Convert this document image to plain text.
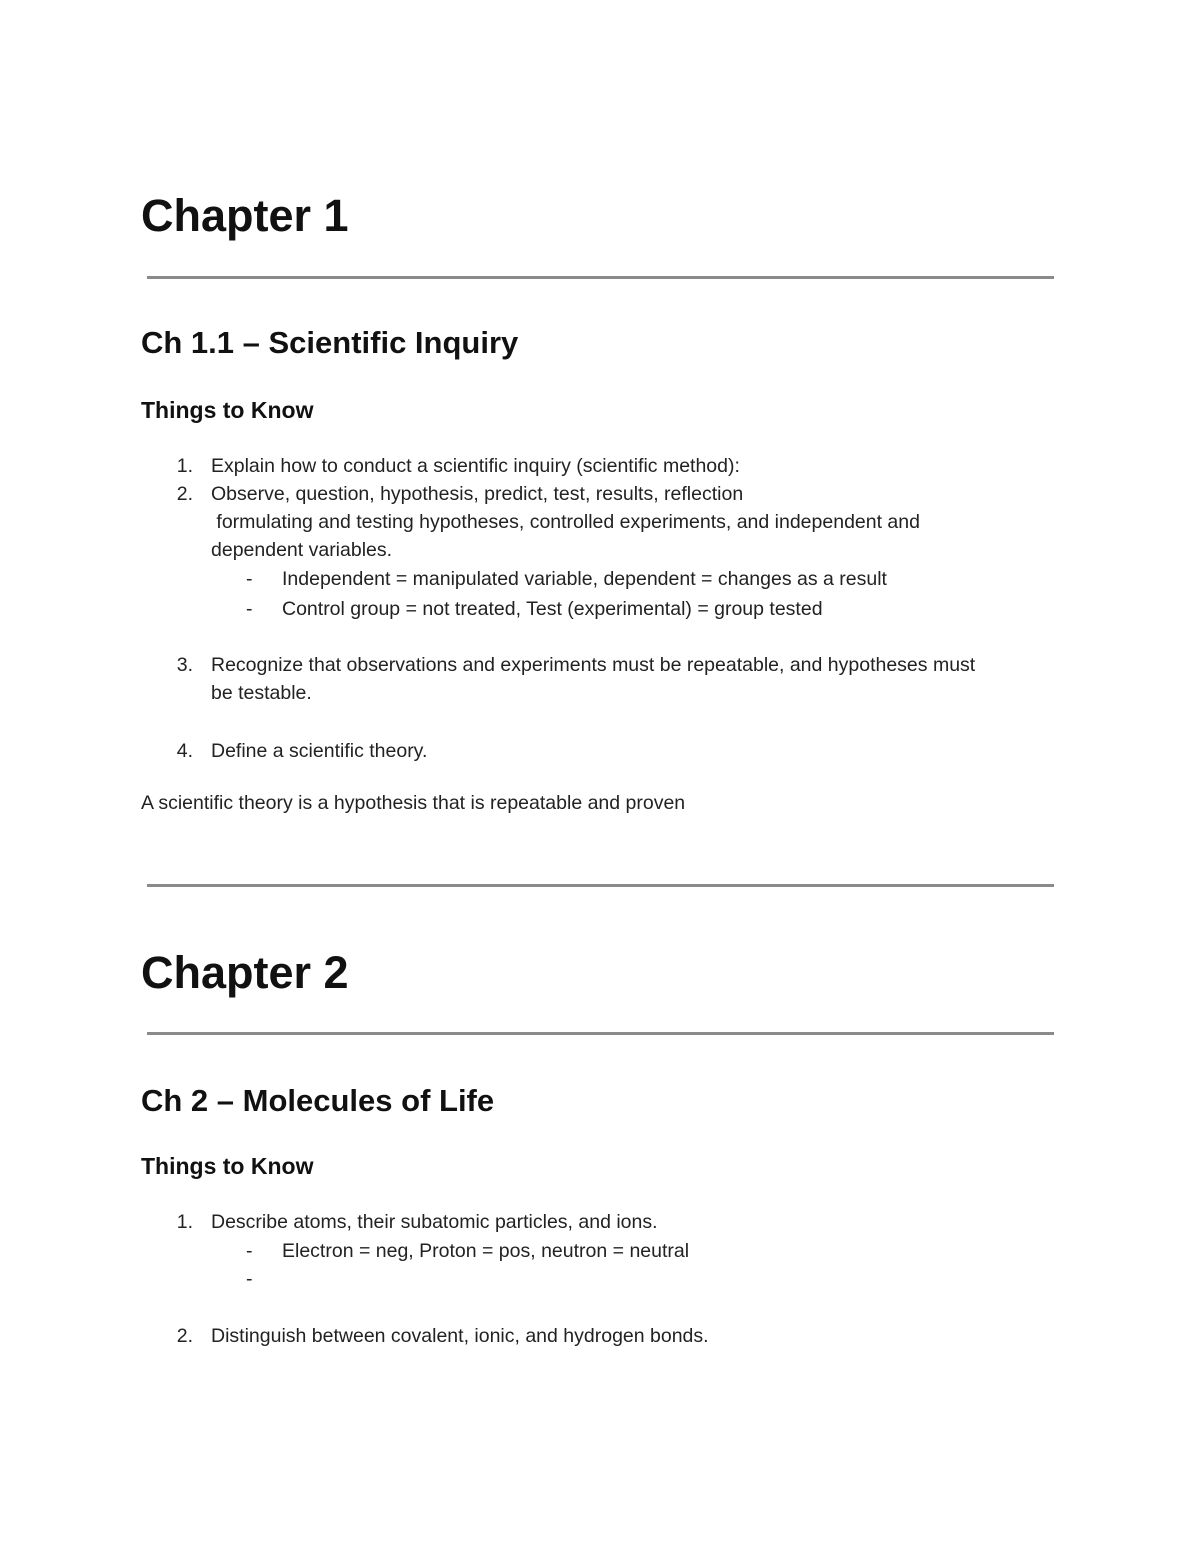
Chapter 1
Ch 1.1 – Scientific Inquiry
Things to Know
1. Explain how to conduct a scientific inquiry (scientific method):
2. Observe, question, hypothesis, predict, test, results, reflection
formulating and testing hypotheses, controlled experiments, and independent and
dependent variables.
- Independent = manipulated variable, dependent = changes as a result
- Control group = not treated, Test (experimental) = group tested
3. Recognize that observations and experiments must be repeatable, and hypotheses must
be testable.
4. Define a scientific theory.
A scientific theory is a hypothesis that is repeatable and proven
Chapter 2
Ch 2 – Molecules of Life
Things to Know
1. Describe atoms, their subatomic particles, and ions.
- Electron = neg, Proton = pos, neutron = neutral
-
2. Distinguish between covalent, ionic, and hydrogen bonds.
